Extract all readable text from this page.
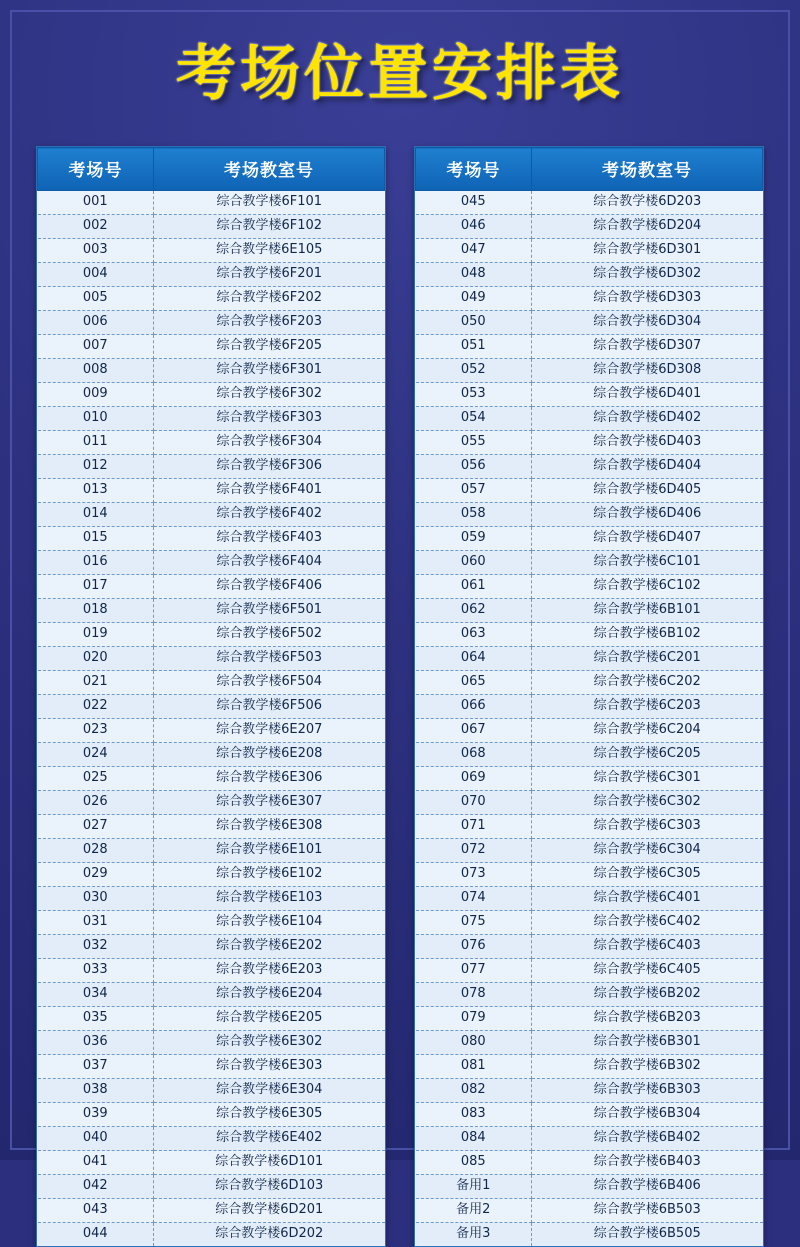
考场位置安排表
考场号	考场教室号
001	综合教学楼6F101
002	综合教学楼6F102
003	综合教学楼6E105
004	综合教学楼6F201
005	综合教学楼6F202
006	综合教学楼6F203
007	综合教学楼6F205
008	综合教学楼6F301
009	综合教学楼6F302
010	综合教学楼6F303
011	综合教学楼6F304
012	综合教学楼6F306
013	综合教学楼6F401
014	综合教学楼6F402
015	综合教学楼6F403
016	综合教学楼6F404
017	综合教学楼6F406
018	综合教学楼6F501
019	综合教学楼6F502
020	综合教学楼6F503
021	综合教学楼6F504
022	综合教学楼6F506
023	综合教学楼6E207
024	综合教学楼6E208
025	综合教学楼6E306
026	综合教学楼6E307
027	综合教学楼6E308
028	综合教学楼6E101
029	综合教学楼6E102
030	综合教学楼6E103
031	综合教学楼6E104
032	综合教学楼6E202
033	综合教学楼6E203
034	综合教学楼6E204
035	综合教学楼6E205
036	综合教学楼6E302
037	综合教学楼6E303
038	综合教学楼6E304
039	综合教学楼6E305
040	综合教学楼6E402
041	综合教学楼6D101
042	综合教学楼6D103
043	综合教学楼6D201
044	综合教学楼6D202
考场号	考场教室号
045	综合教学楼6D203
046	综合教学楼6D204
047	综合教学楼6D301
048	综合教学楼6D302
049	综合教学楼6D303
050	综合教学楼6D304
051	综合教学楼6D307
052	综合教学楼6D308
053	综合教学楼6D401
054	综合教学楼6D402
055	综合教学楼6D403
056	综合教学楼6D404
057	综合教学楼6D405
058	综合教学楼6D406
059	综合教学楼6D407
060	综合教学楼6C101
061	综合教学楼6C102
062	综合教学楼6B101
063	综合教学楼6B102
064	综合教学楼6C201
065	综合教学楼6C202
066	综合教学楼6C203
067	综合教学楼6C204
068	综合教学楼6C205
069	综合教学楼6C301
070	综合教学楼6C302
071	综合教学楼6C303
072	综合教学楼6C304
073	综合教学楼6C305
074	综合教学楼6C401
075	综合教学楼6C402
076	综合教学楼6C403
077	综合教学楼6C405
078	综合教学楼6B202
079	综合教学楼6B203
080	综合教学楼6B301
081	综合教学楼6B302
082	综合教学楼6B303
083	综合教学楼6B304
084	综合教学楼6B402
085	综合教学楼6B403
备用1	综合教学楼6B406
备用2	综合教学楼6B503
备用3	综合教学楼6B505
